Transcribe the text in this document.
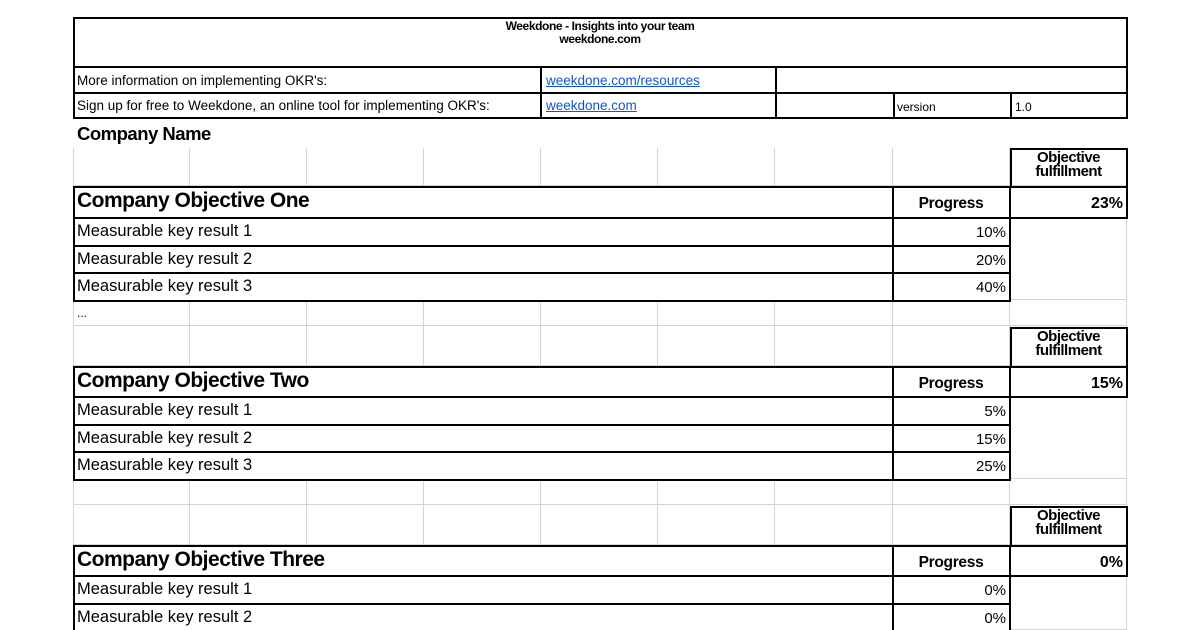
Weekdone - Insights into your team
weekdone.com
More information on implementing OKR's:	weekdone.com/resources
Sign up for free to Weekdone, an online tool for implementing OKR's:	weekdone.com	version	1.0
Company Name
...
Objective
fulfillment
Company Objective One	Progress	23%
Measurable key result 1	10%
Measurable key result 2	20%
Measurable key result 3	40%
Objective
fulfillment
Company Objective Two	Progress	15%
Measurable key result 1	5%
Measurable key result 2	15%
Measurable key result 3	25%
Objective
fulfillment
Company Objective Three	Progress	0%
Measurable key result 1	0%
Measurable key result 2	0%
